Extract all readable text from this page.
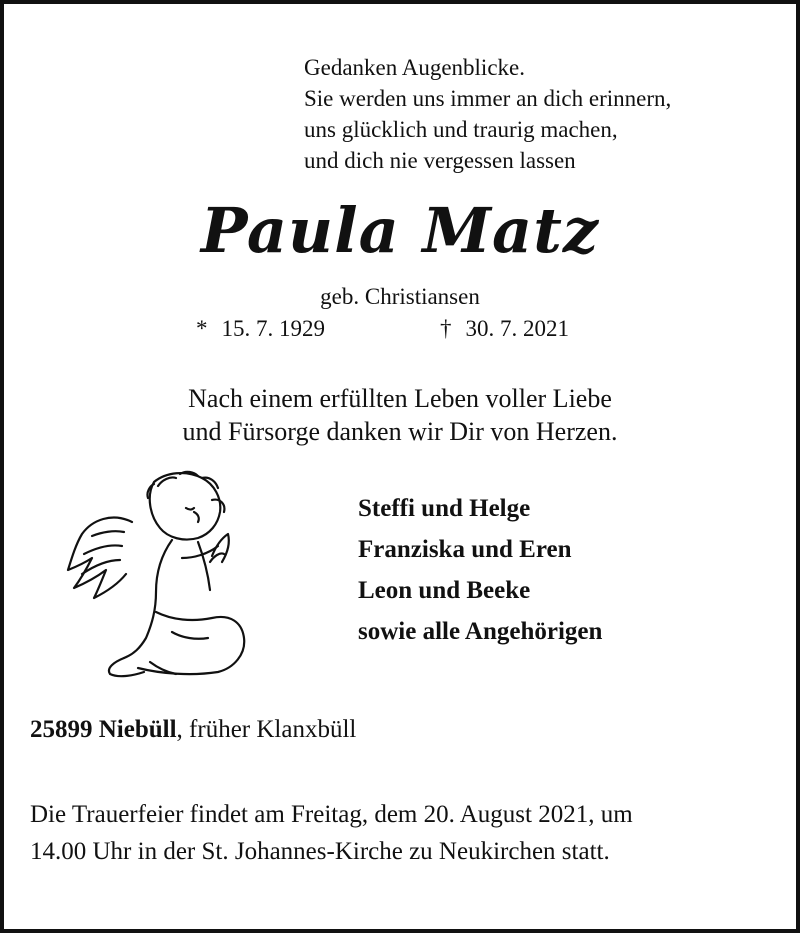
Gedanken Augenblicke.
Sie werden uns immer an dich erinnern,
uns glücklich und traurig machen,
und dich nie vergessen lassen
Paula Matz
geb. Christiansen
* 15. 7. 1929	† 30. 7. 2021
Nach einem erfüllten Leben voller Liebe
und Fürsorge danken wir Dir von Herzen.
Steffi und Helge
Franziska und Eren
Leon und Beeke
sowie alle Angehörigen
25899 Niebüll, früher Klanxbüll
Die Trauerfeier findet am Freitag, dem 20. August 2021, um
14.00 Uhr in der St. Johannes-Kirche zu Neukirchen statt.
